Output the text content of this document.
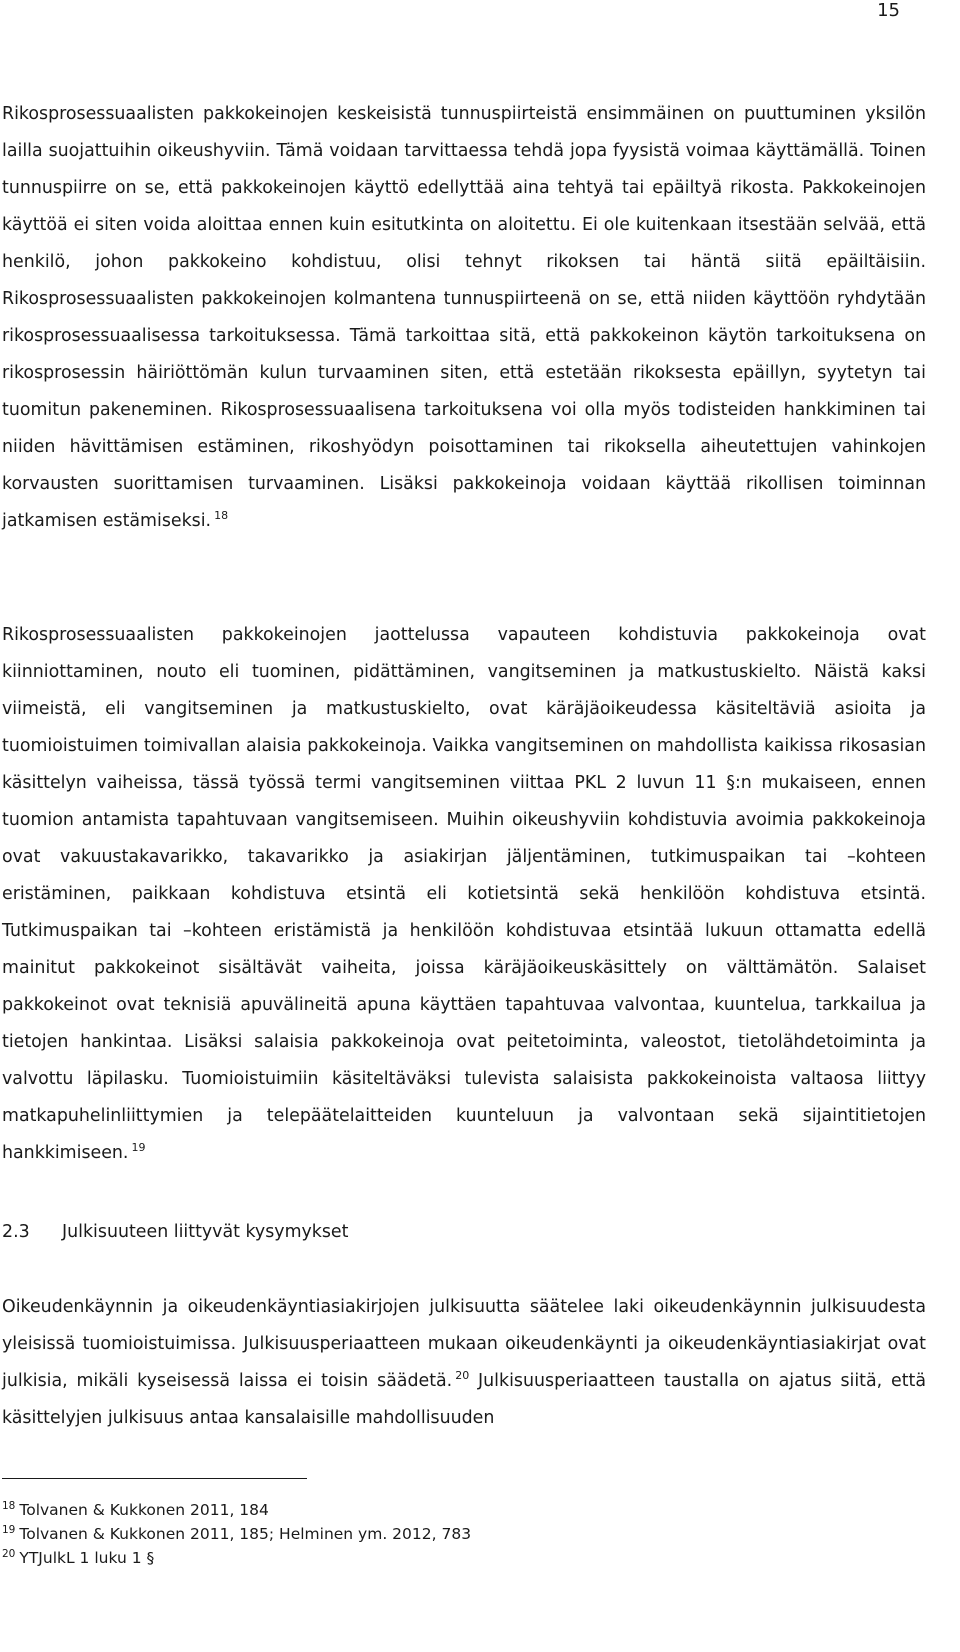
15

Rikosprosessuaalisten pakkokeinojen keskeisistä tunnuspiirteistä ensimmäinen on puuttuminen yksilön lailla suojattuihin oikeushyviin. Tämä voidaan tarvittaessa tehdä jopa fyysistä voimaa käyttämällä. Toinen tunnuspiirre on se, että pakkokeinojen käyttö edellyttää aina tehtyä tai epäiltyä rikosta. Pakkokeinojen käyttöä ei siten voida aloittaa ennen kuin esitutkinta on aloitettu. Ei ole kuitenkaan itsestään selvää, että henkilö, johon pakkokeino kohdistuu, olisi tehnyt rikoksen tai häntä siitä epäiltäisiin. Rikosprosessuaalisten pakkokeinojen kolmantena tunnuspiirteenä on se, että niiden käyttöön ryhdytään rikosprosessuaalisessa tarkoituksessa. Tämä tarkoittaa sitä, että pakkokeinon käytön tarkoituksena on rikosprosessin häiriöttömän kulun turvaaminen siten, että estetään rikoksesta epäillyn, syytetyn tai tuomitun pakeneminen. Rikosprosessuaalisena tarkoituksena voi olla myös todisteiden hankkiminen tai niiden hävittämisen estäminen, rikoshyödyn poisottaminen tai rikoksella aiheutettujen vahinkojen korvausten suorittamisen turvaaminen. Lisäksi pakkokeinoja voidaan käyttää rikollisen toiminnan jatkamisen estämiseksi. $^{18}$

Rikosprosessuaalisten pakkokeinojen jaottelussa vapauteen kohdistuvia pakkokeinoja ovat kiinniottaminen, nouto eli tuominen, pidättäminen, vangitseminen ja matkustuskielto. Näistä kaksi viimeistä, eli vangitseminen ja matkustuskielto, ovat käräjäoikeudessa käsiteltäviä asioita ja tuomioistuimen toimivallan alaisia pakkokeinoja. Vaikka vangitseminen on mahdollista kaikissa rikosasian käsittelyn vaiheissa, tässä työssä termi vangitseminen viittaa PKL 2 luvun 11 §:n mukaiseen, ennen tuomion antamista tapahtuvaan vangitsemiseen. Muihin oikeushyviin kohdistuvia avoimia pakkokeinoja ovat vakuustakavarikko, takavarikko ja asiakirjan jäljentäminen, tutkimuspaikan tai –kohteen eristäminen, paikkaan kohdistuva etsintä eli kotietsintä sekä henkilöön kohdistuva etsintä. Tutkimuspaikan tai –kohteen eristämistä ja henkilöön kohdistuvaa etsintää lukuun ottamatta edellä mainitut pakkokeinot sisältävät vaiheita, joissa käräjäoikeuskäsittely on välttämätön. Salaiset pakkokeinot ovat teknisiä apuvälineitä apuna käyttäen tapahtuvaa valvontaa, kuuntelua, tarkkailua ja tietojen hankintaa. Lisäksi salaisia pakkokeinoja ovat peitetoiminta, valeostot, tietolähdetoiminta ja valvottu läpilasku. Tuomioistuimiin käsiteltäväksi tulevista salaisista pakkokeinoista valtaosa liittyy matkapuhelinliittymien ja telepäätelaitteiden kuunteluun ja valvontaan sekä sijaintitietojen hankkimiseen. $^{19}$

2.3	Julkisuuteen liittyvät kysymykset

Oikeudenkäynnin ja oikeudenkäyntiasiakirjojen julkisuutta säätelee laki oikeudenkäynnin julkisuudesta yleisissä tuomioistuimissa. Julkisuusperiaatteen mukaan oikeudenkäynti ja oikeudenkäyntiasiakirjat ovat julkisia, mikäli kyseisessä laissa ei toisin säädetä. $^{20}$ Julkisuusperiaatteen taustalla on ajatus siitä, että käsittelyjen julkisuus antaa kansalaisille mahdollisuuden

$^{18}$ Tolvanen & Kukkonen 2011, 184
$^{19}$ Tolvanen & Kukkonen 2011, 185; Helminen ym. 2012, 783
$^{20}$ YTJulkL 1 luku 1 §
